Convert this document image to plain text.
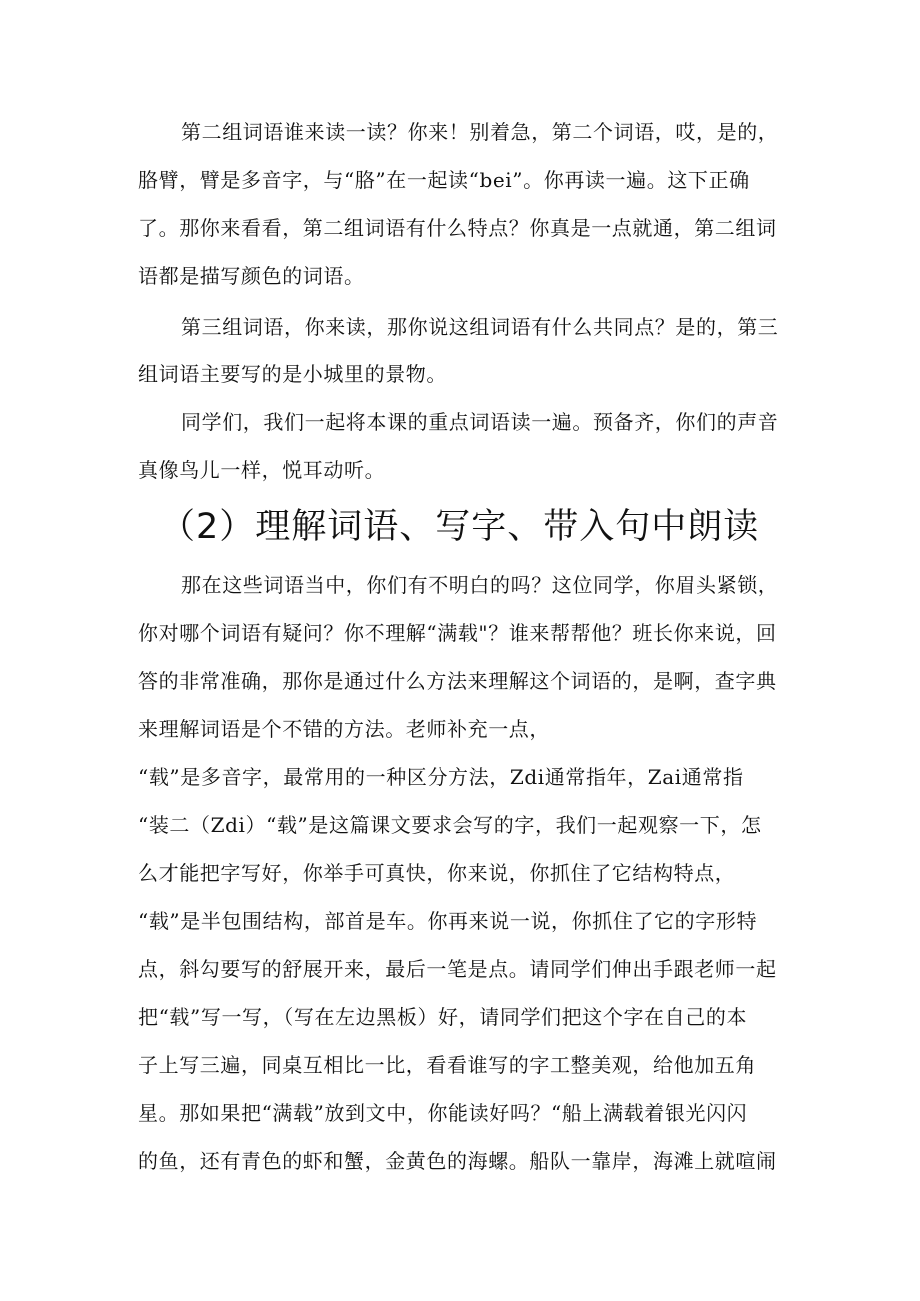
第二组词语谁来读一读？你来！别着急，第二个词语，哎，是的，
胳臂，臂是多音字，与“胳”在一起读“bei”。你再读一遍。这下正确
了。那你来看看，第二组词语有什么特点？你真是一点就通，第二组词
语都是描写颜色的词语。
第三组词语，你来读，那你说这组词语有什么共同点？是的，第三
组词语主要写的是小城里的景物。
同学们，我们一起将本课的重点词语读一遍。预备齐，你们的声音
真像鸟儿一样，悦耳动听。
（2）理解词语、写字、带入句中朗读
那在这些词语当中，你们有不明白的吗？这位同学，你眉头紧锁，
你对哪个词语有疑问？你不理解“满载"？谁来帮帮他？班长你来说，回
答的非常准确，那你是通过什么方法来理解这个词语的，是啊，查字典
来理解词语是个不错的方法。老师补充一点，
“载”是多音字，最常用的一种区分方法，Zdi通常指年，Zai通常指
“装二（Zdi）“载”是这篇课文要求会写的字，我们一起观察一下，怎
么才能把字写好，你举手可真快，你来说，你抓住了它结构特点，
“载”是半包围结构，部首是车。你再来说一说，你抓住了它的字形特
点，斜勾要写的舒展开来，最后一笔是点。请同学们伸出手跟老师一起
把“载”写一写，（写在左边黑板）好，请同学们把这个字在自己的本
子上写三遍，同桌互相比一比，看看谁写的字工整美观，给他加五角
星。那如果把“满载”放到文中，你能读好吗？“船上满载着银光闪闪
的鱼，还有青色的虾和蟹，金黄色的海螺。船队一靠岸，海滩上就喧闹
